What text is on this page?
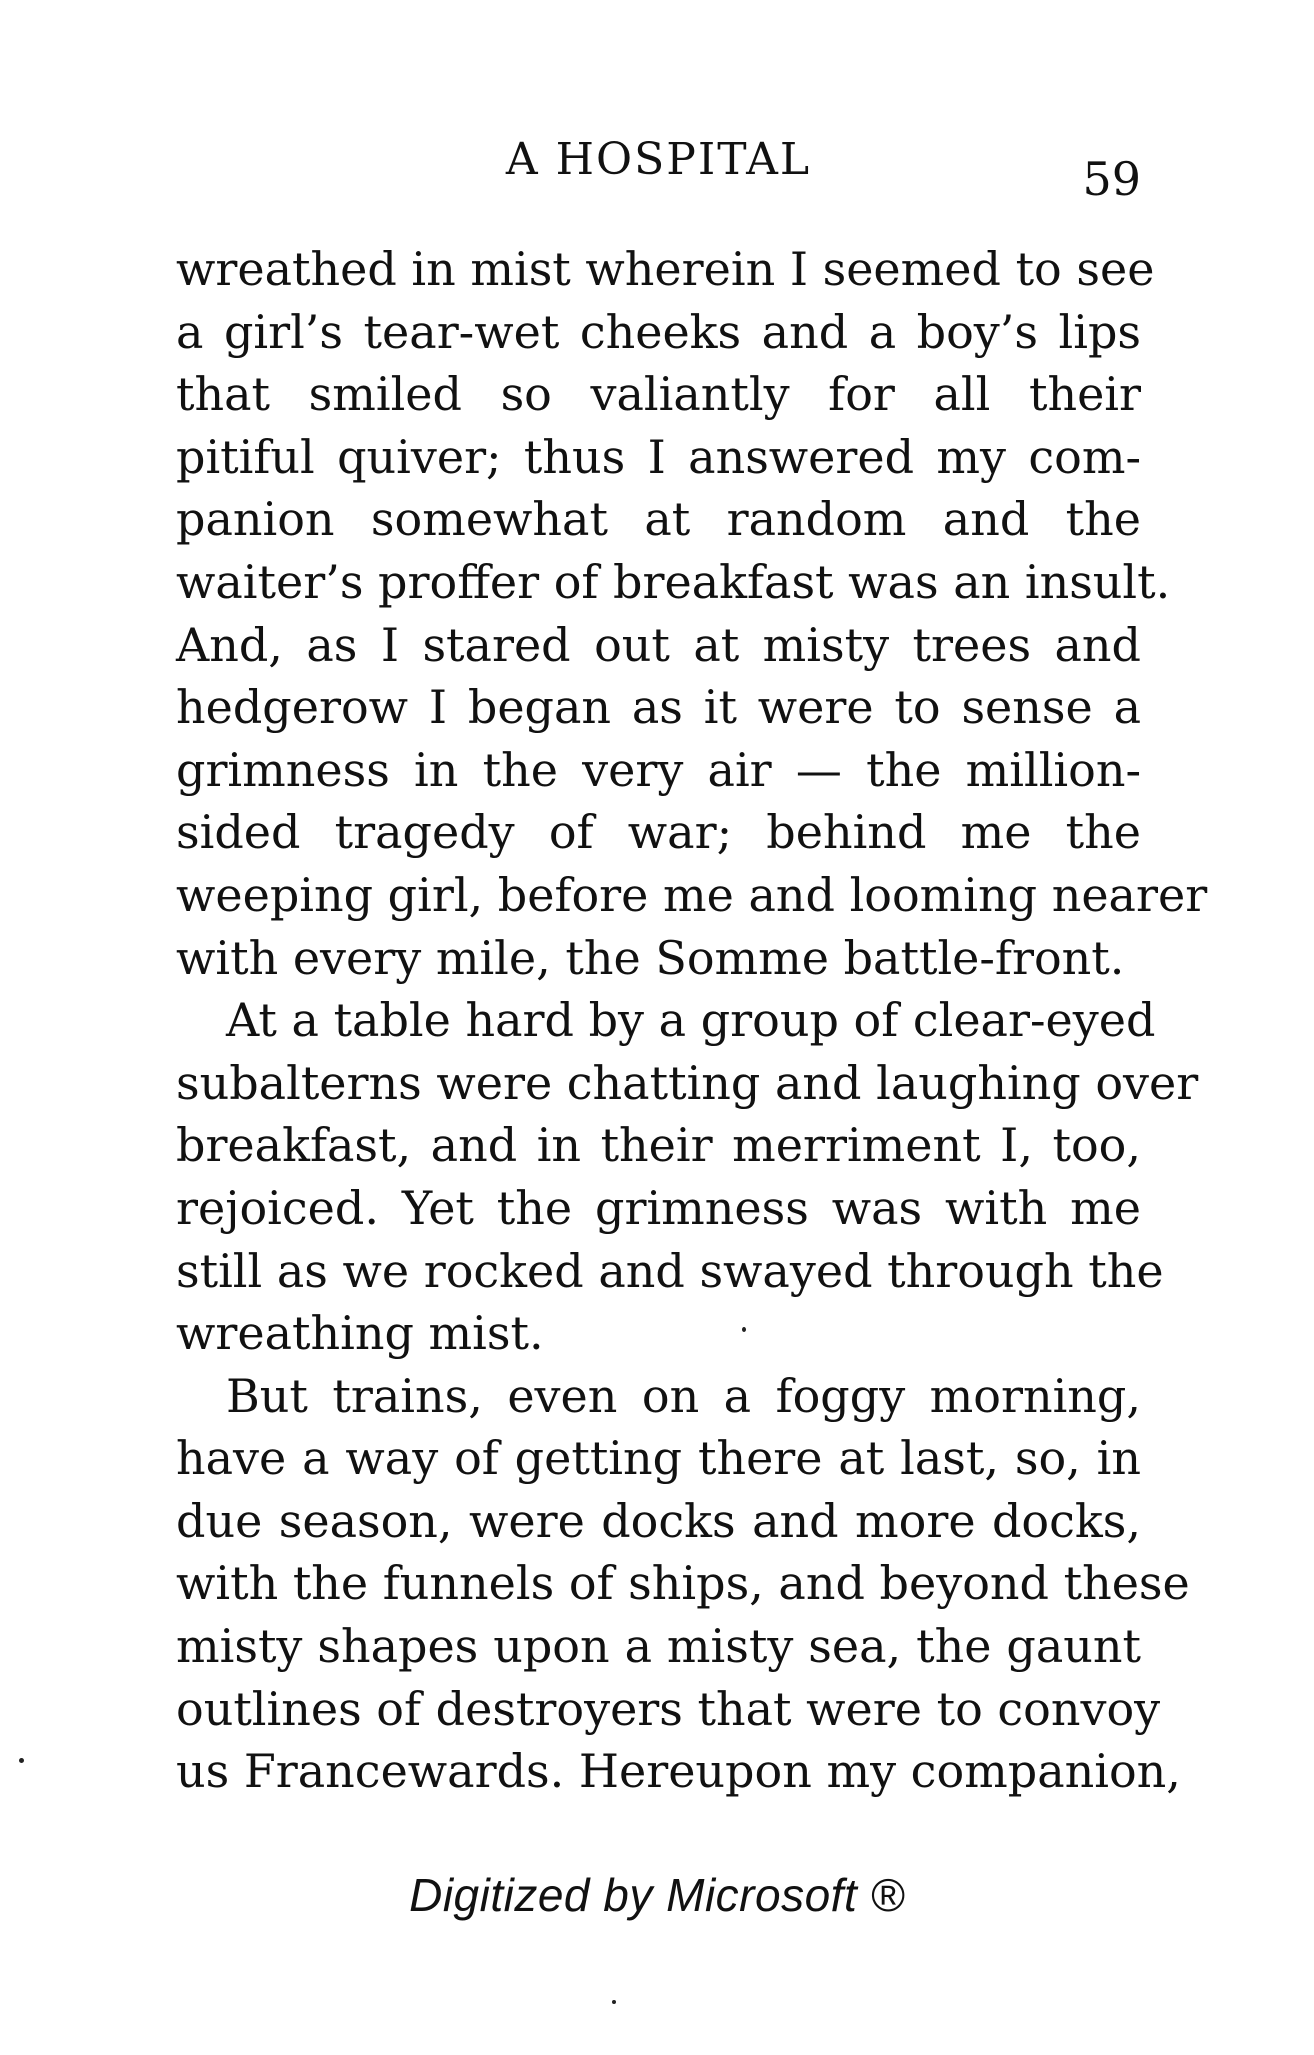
A HOSPITAL	59
wreathed in mist wherein I seemed to see
a girl’s tear-wet cheeks and a boy’s lips
that smiled so valiantly for all their
pitiful quiver; thus I answered my com-
panion somewhat at random and the
waiter’s proffer of breakfast was an insult.
And, as I stared out at misty trees and
hedgerow I began as it were to sense a
grimness in the very air — the million-
sided tragedy of war; behind me the
weeping girl, before me and looming nearer
with every mile, the Somme battle-front.
At a table hard by a group of clear-eyed
subalterns were chatting and laughing over
breakfast, and in their merriment I, too,
rejoiced. Yet the grimness was with me
still as we rocked and swayed through the
wreathing mist.
But trains, even on a foggy morning,
have a way of getting there at last, so, in
due season, were docks and more docks,
with the funnels of ships, and beyond these
misty shapes upon a misty sea, the gaunt
outlines of destroyers that were to convoy
us Francewards. Hereupon my companion,
Digitized by Microsoft ®
